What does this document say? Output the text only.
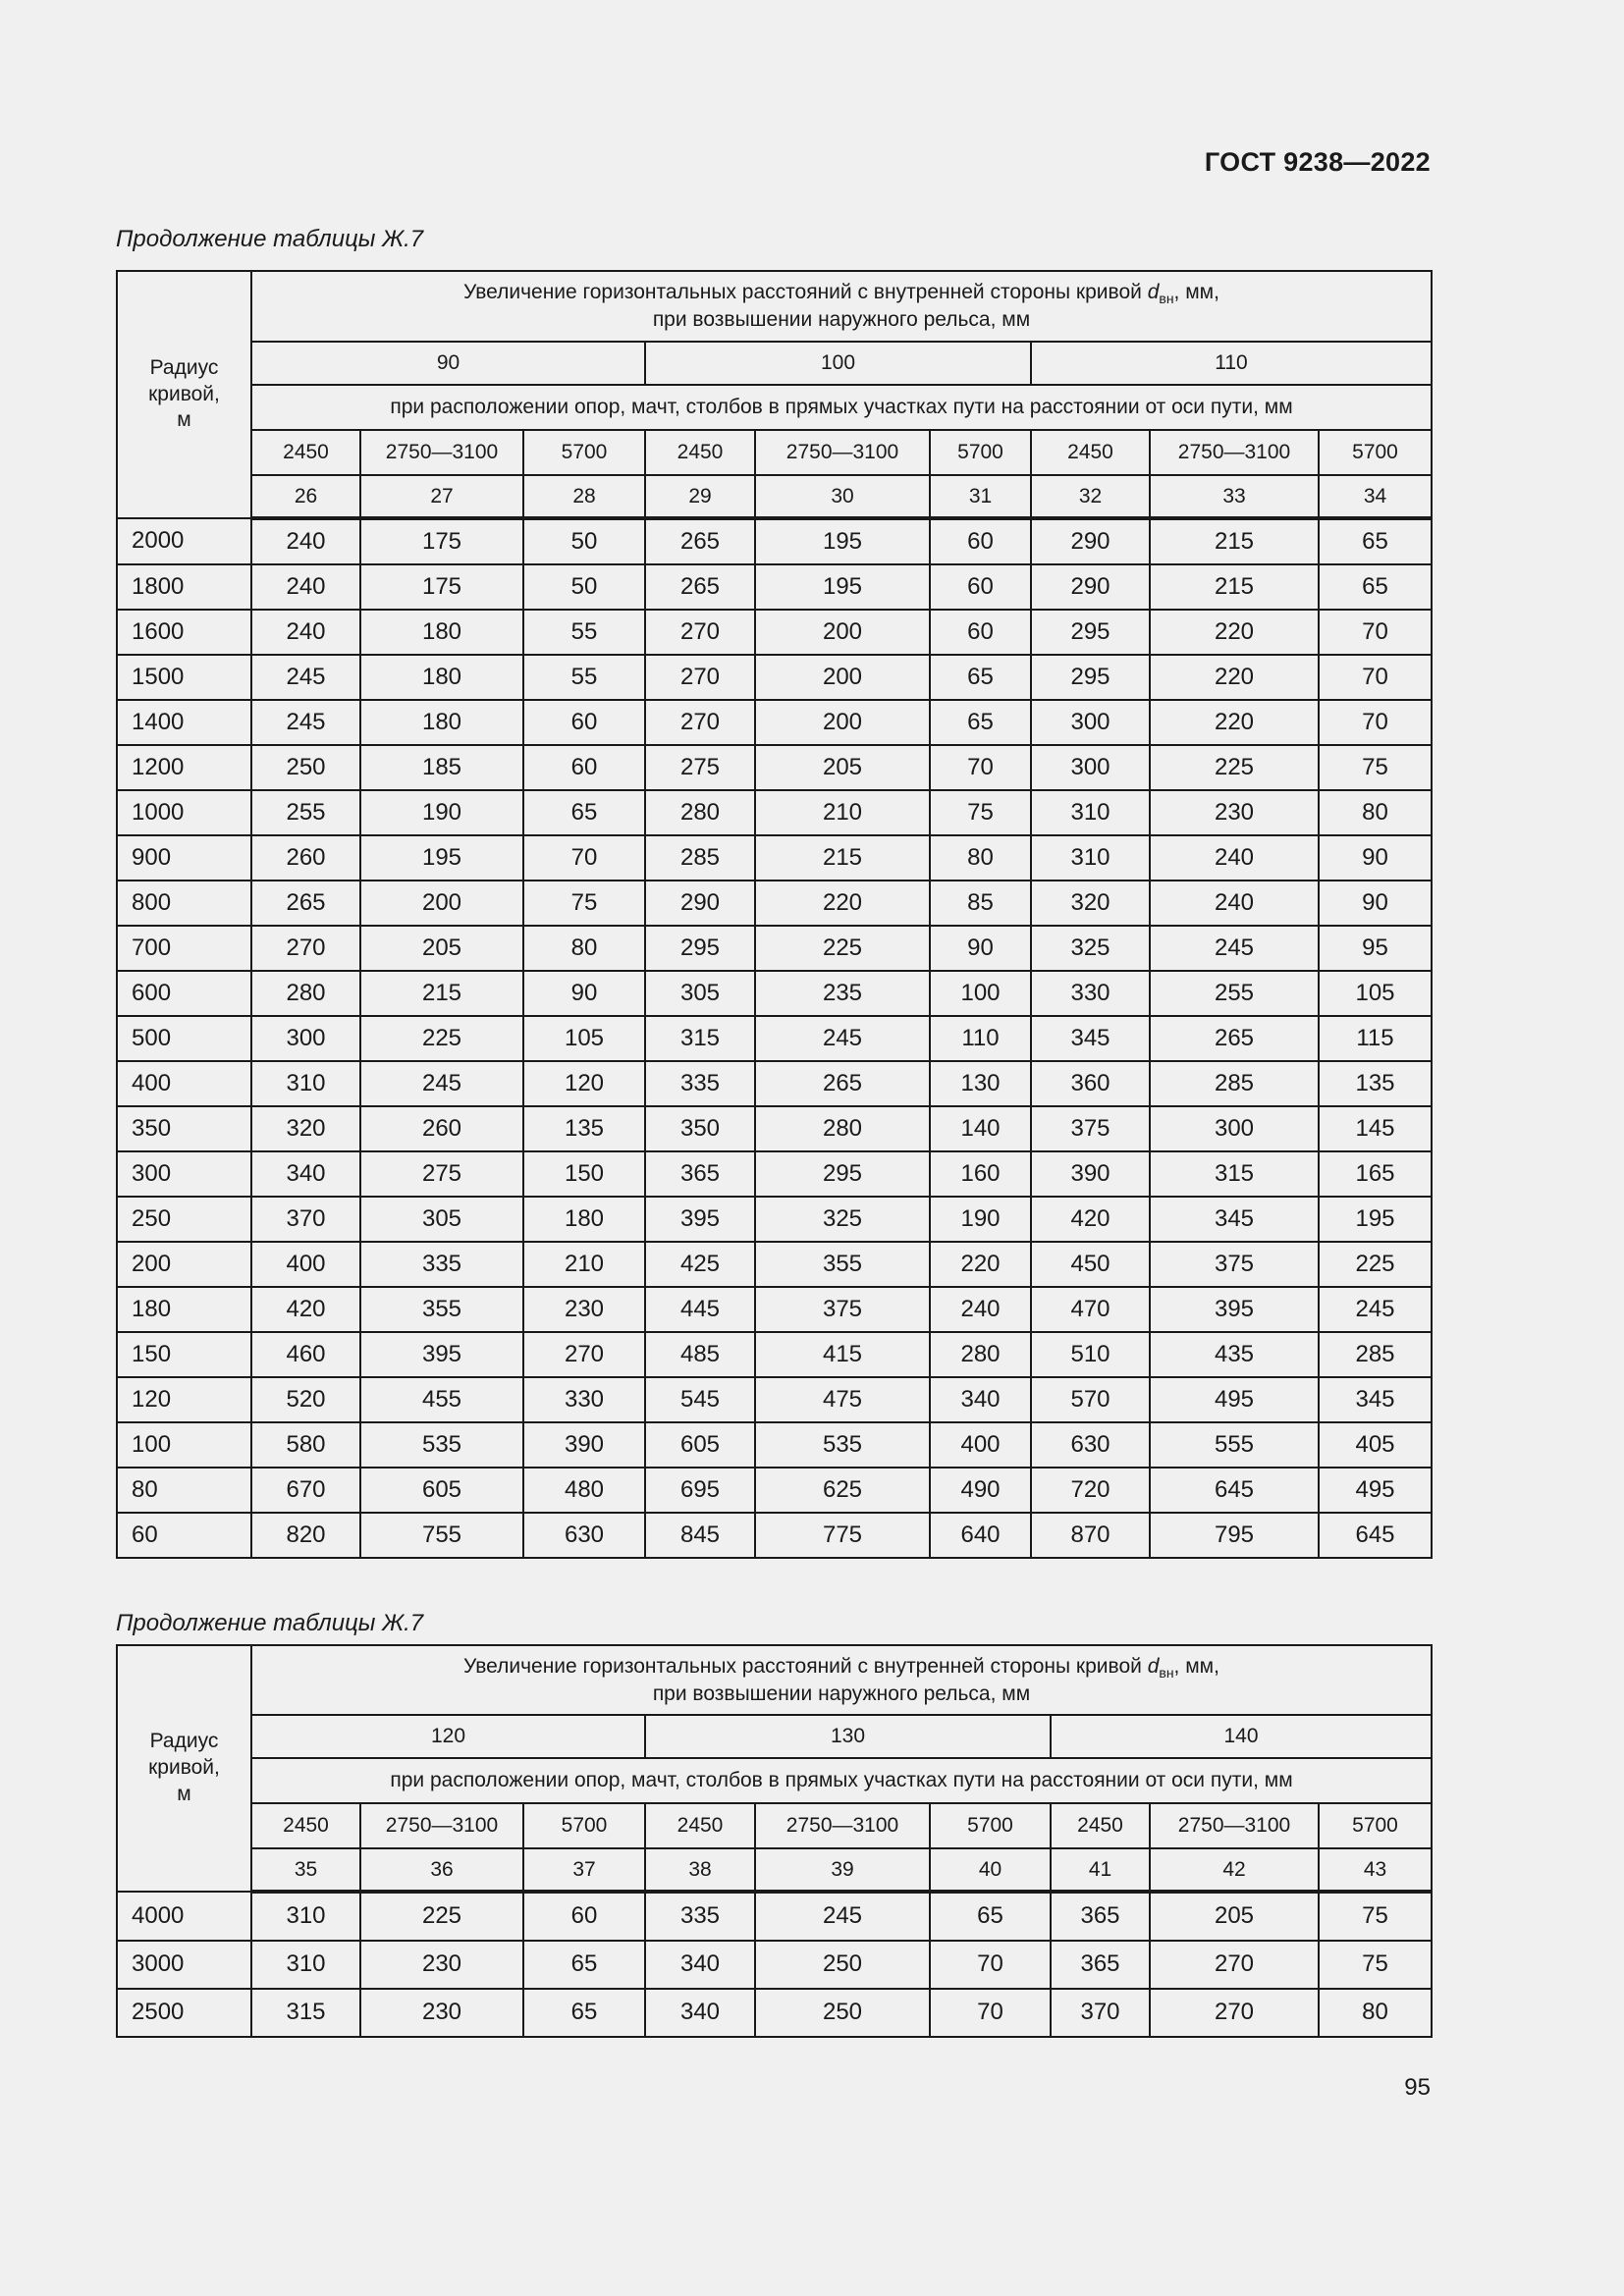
ГОСТ 9238—2022
Продолжение таблицы Ж.7
Радиус
кривой,
м	Увеличение горизонтальных расстояний с внутренней стороны кривой $d_{вн}$, мм,
при возвышении наружного рельса, мм								
	90			100			110		
	при расположении опор, мачт, столбов в прямых участках пути на расстоянии от оси пути, мм								
	2450	2750—3100	5700	2450	2750—3100	5700	2450	2750—3100	5700
	26	27	28	29	30	31	32	33	34
2000	240	175	50	265	195	60	290	215	65
1800	240	175	50	265	195	60	290	215	65
1600	240	180	55	270	200	60	295	220	70
1500	245	180	55	270	200	65	295	220	70
1400	245	180	60	270	200	65	300	220	70
1200	250	185	60	275	205	70	300	225	75
1000	255	190	65	280	210	75	310	230	80
900	260	195	70	285	215	80	310	240	90
800	265	200	75	290	220	85	320	240	90
700	270	205	80	295	225	90	325	245	95
600	280	215	90	305	235	100	330	255	105
500	300	225	105	315	245	110	345	265	115
400	310	245	120	335	265	130	360	285	135
350	320	260	135	350	280	140	375	300	145
300	340	275	150	365	295	160	390	315	165
250	370	305	180	395	325	190	420	345	195
200	400	335	210	425	355	220	450	375	225
180	420	355	230	445	375	240	470	395	245
150	460	395	270	485	415	280	510	435	285
120	520	455	330	545	475	340	570	495	345
100	580	535	390	605	535	400	630	555	405
80	670	605	480	695	625	490	720	645	495
60	820	755	630	845	775	640	870	795	645
Продолжение таблицы Ж.7
Радиус
кривой,
м	Увеличение горизонтальных расстояний с внутренней стороны кривой $d_{вн}$, мм,
при возвышении наружного рельса, мм								
	120			130			140		
	при расположении опор, мачт, столбов в прямых участках пути на расстоянии от оси пути, мм								
	2450	2750—3100	5700	2450	2750—3100	5700	2450	2750—3100	5700
	35	36	37	38	39	40	41	42	43
4000	310	225	60	335	245	65	365	205	75
3000	310	230	65	340	250	70	365	270	75
2500	315	230	65	340	250	70	370	270	80
95
